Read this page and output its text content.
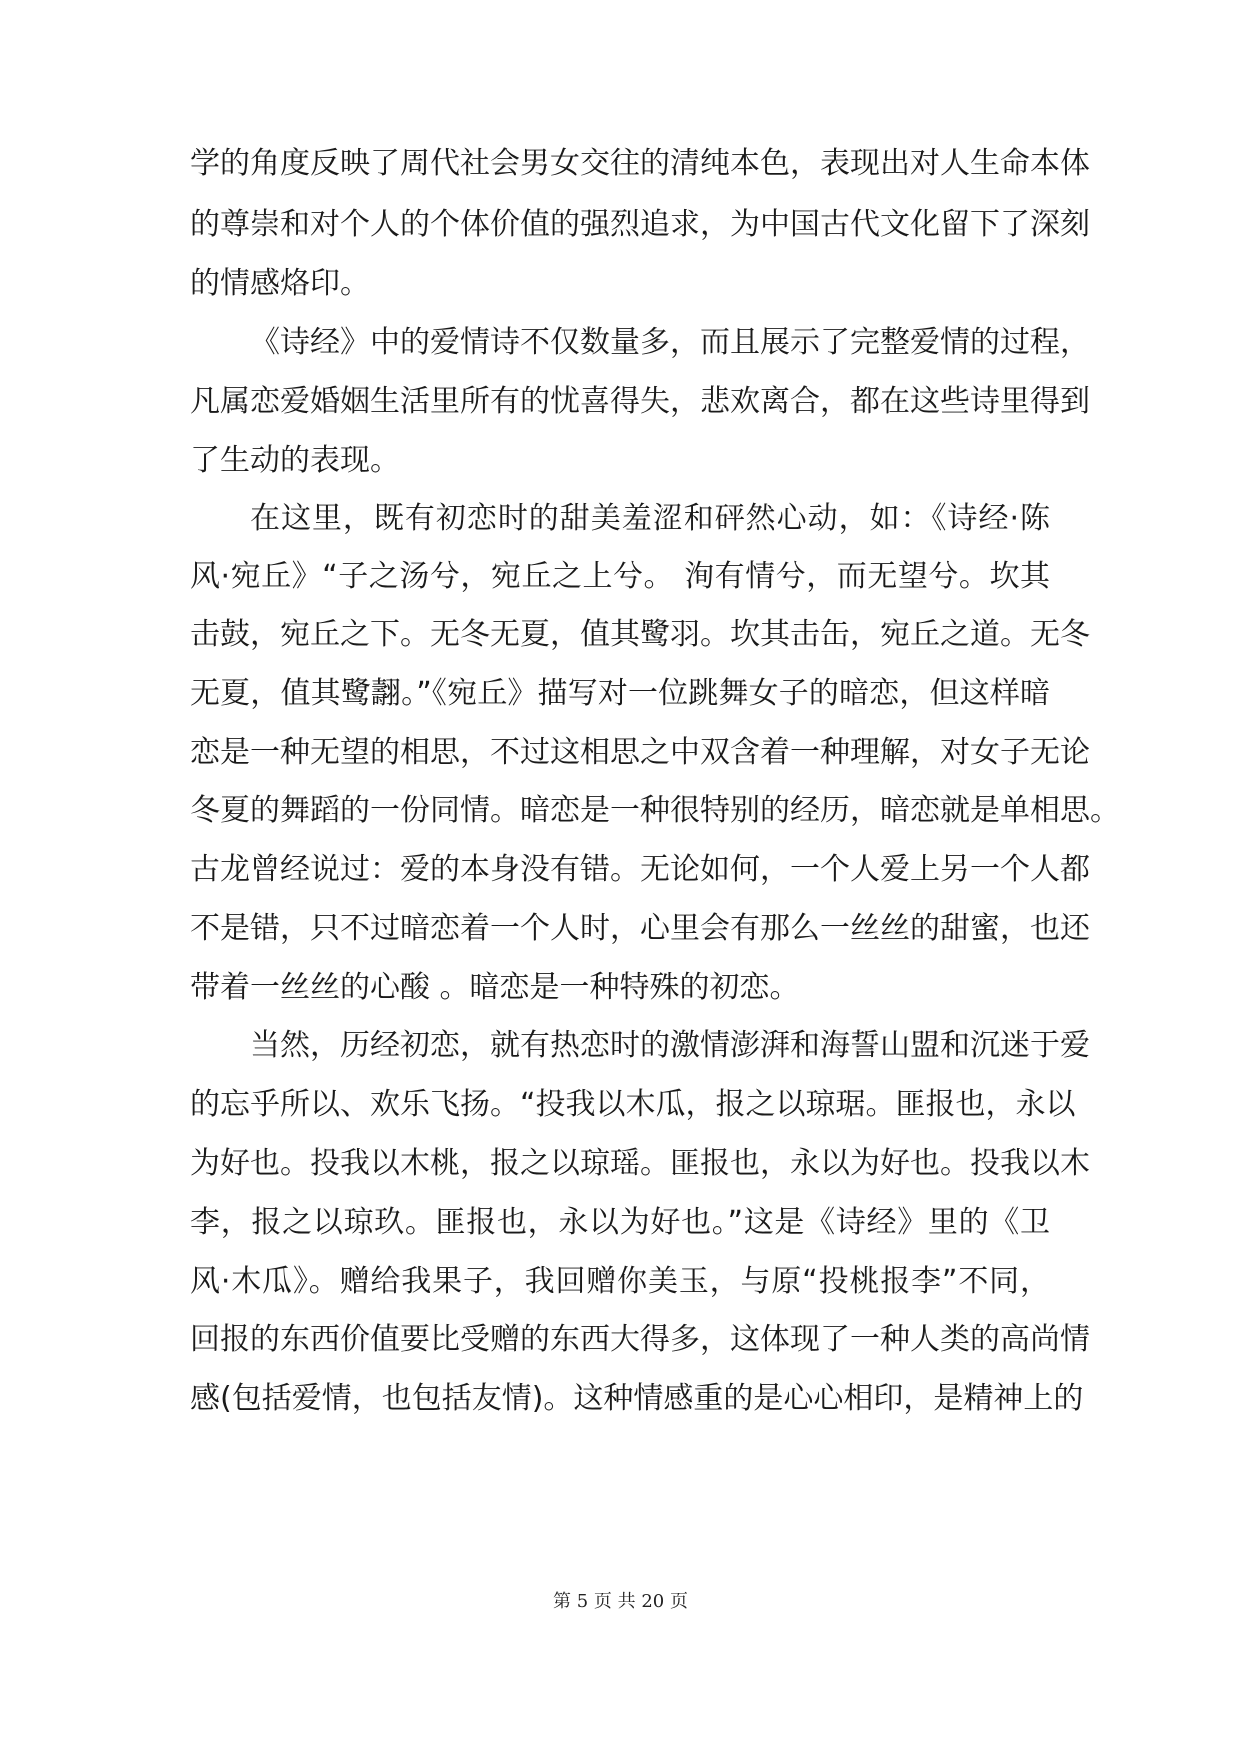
学的角度反映了周代社会男女交往的清纯本色，表现出对人生命本体
的尊崇和对个人的个体价值的强烈追求，为中国古代文化留下了深刻
的情感烙印。
《诗经》中的爱情诗不仅数量多，而且展示了完整爱情的过程，
凡属恋爱婚姻生活里所有的忧喜得失，悲欢离合，都在这些诗里得到
了生动的表现。
在这里，既有初恋时的甜美羞涩和砰然心动，如：《诗经·陈
风·宛丘》“子之汤兮，宛丘之上兮。 洵有情兮，而无望兮。坎其
击鼓，宛丘之下。无冬无夏，值其鹭羽。坎其击缶，宛丘之道。无冬
无夏，值其鹭翿。”《宛丘》描写对一位跳舞女子的暗恋，但这样暗
恋是一种无望的相思，不过这相思之中双含着一种理解，对女子无论
冬夏的舞蹈的一份同情。暗恋是一种很特别的经历，暗恋就是单相思。
古龙曾经说过：爱的本身没有错。无论如何，一个人爱上另一个人都
不是错，只不过暗恋着一个人时，心里会有那么一丝丝的甜蜜，也还
带着一丝丝的心酸 。暗恋是一种特殊的初恋。
当然，历经初恋，就有热恋时的激情澎湃和海誓山盟和沉迷于爱
的忘乎所以、欢乐飞扬。“投我以木瓜，报之以琼琚。匪报也，永以
为好也。投我以木桃，报之以琼瑶。匪报也，永以为好也。投我以木
李，报之以琼玖。匪报也，永以为好也。”这是《诗经》里的《卫
风·木瓜》。赠给我果子，我回赠你美玉，与原“投桃报李”不同，
回报的东西价值要比受赠的东西大得多，这体现了一种人类的高尚情
感(包括爱情，也包括友情)。这种情感重的是心心相印，是精神上的
第 5 页 共 20 页
